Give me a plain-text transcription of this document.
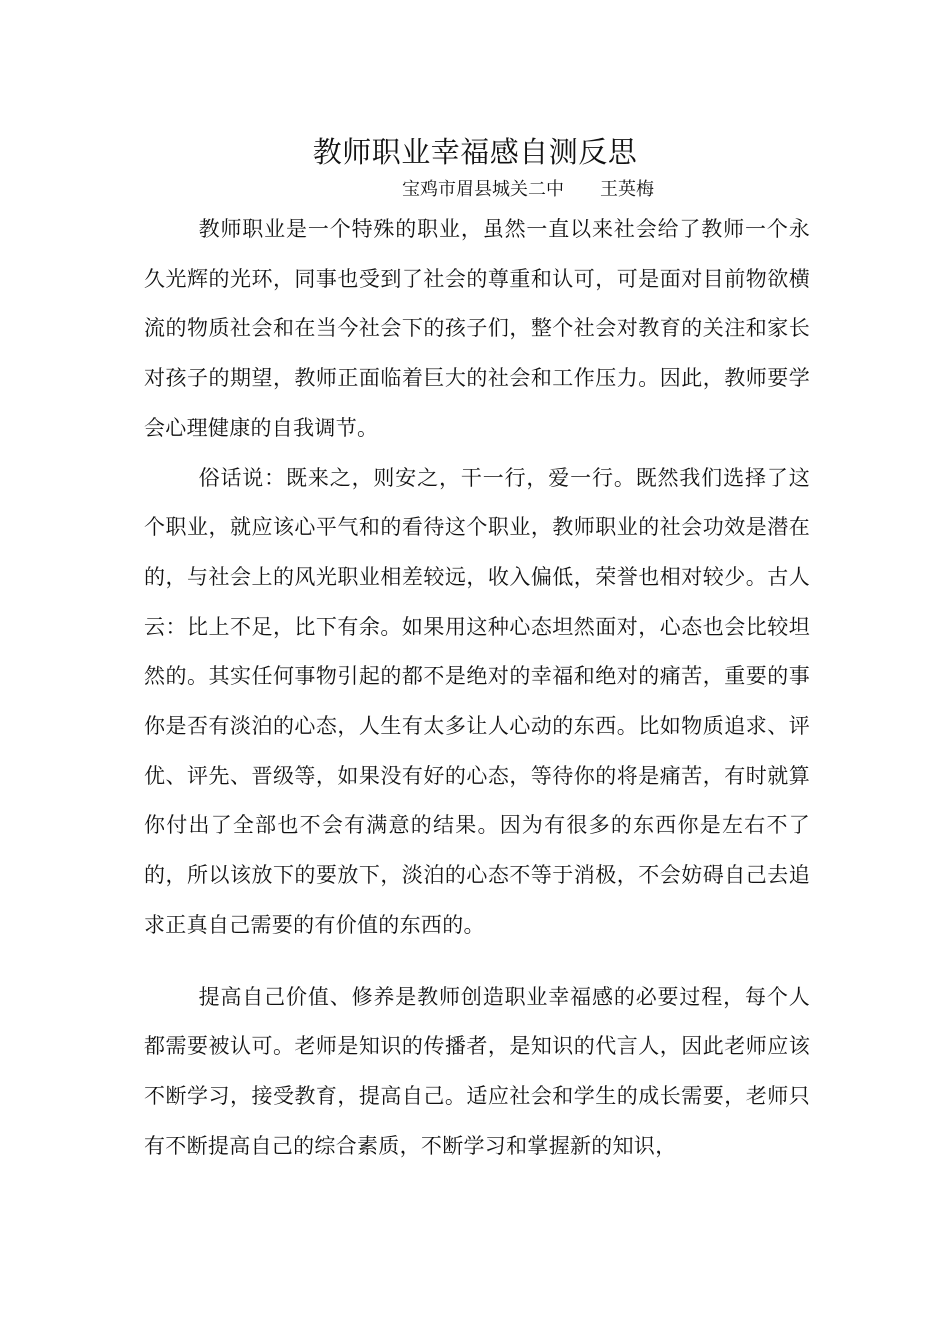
教师职业幸福感自测反思
宝鸡市眉县城关二中　　王英梅

教师职业是一个特殊的职业，虽然一直以来社会给了教师一个永久光辉的光环，同事也受到了社会的尊重和认可，可是面对目前物欲横流的物质社会和在当今社会下的孩子们，整个社会对教育的关注和家长对孩子的期望，教师正面临着巨大的社会和工作压力。因此，教师要学会心理健康的自我调节。

俗话说：既来之，则安之，干一行，爱一行。既然我们选择了这个职业，就应该心平气和的看待这个职业，教师职业的社会功效是潜在的，与社会上的风光职业相差较远，收入偏低，荣誉也相对较少。古人云：比上不足，比下有余。如果用这种心态坦然面对，心态也会比较坦然的。其实任何事物引起的都不是绝对的幸福和绝对的痛苦，重要的事你是否有淡泊的心态，人生有太多让人心动的东西。比如物质追求、评优、评先、晋级等，如果没有好的心态，等待你的将是痛苦，有时就算你付出了全部也不会有满意的结果。因为有很多的东西你是左右不了的，所以该放下的要放下，淡泊的心态不等于消极，不会妨碍自己去追求正真自己需要的有价值的东西的。

提高自己价值、修养是教师创造职业幸福感的必要过程，每个人都需要被认可。老师是知识的传播者，是知识的代言人，因此老师应该不断学习，接受教育，提高自己。适应社会和学生的成长需要，老师只有不断提高自己的综合素质，不断学习和掌握新的知识，
